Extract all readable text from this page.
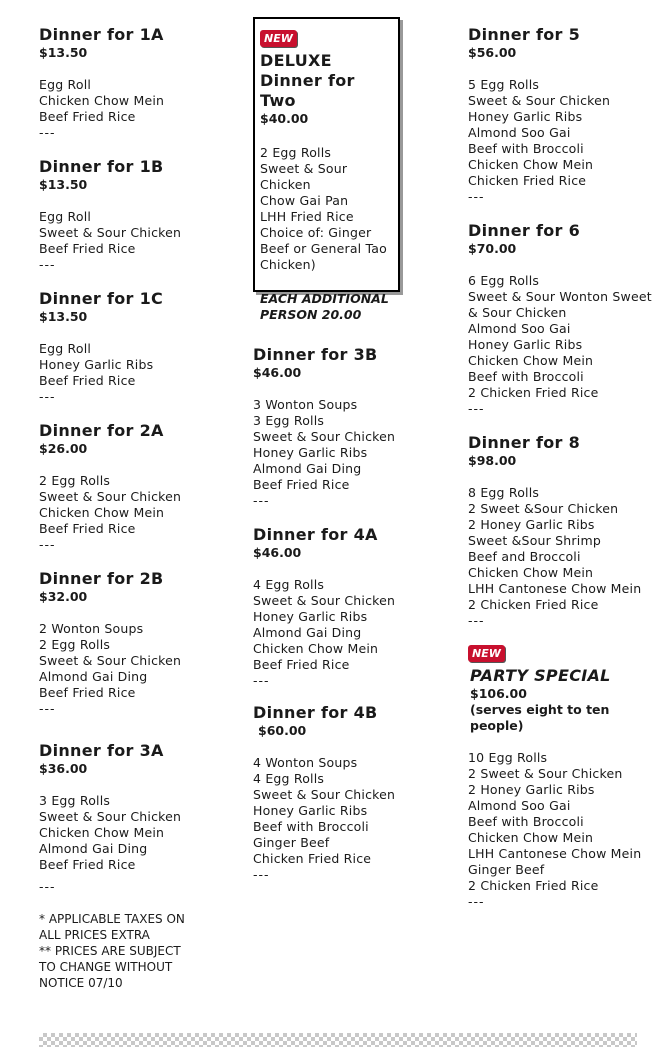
Dinner for 1A
$13.50
Egg Roll
Chicken Chow Mein
Beef Fried Rice
---
Dinner for 1B
$13.50
Egg Roll
Sweet & Sour Chicken
Beef Fried Rice
---
Dinner for 1C
$13.50
Egg Roll
Honey Garlic Ribs
Beef Fried Rice
---
Dinner for 2A
$26.00
2 Egg Rolls
Sweet & Sour Chicken
Chicken Chow Mein
Beef Fried Rice
---
Dinner for 2B
$32.00
2 Wonton Soups
2 Egg Rolls
Sweet & Sour Chicken
Almond Gai Ding
Beef Fried Rice
---
Dinner for 3A
$36.00
3 Egg Rolls
Sweet & Sour Chicken
Chicken Chow Mein
Almond Gai Ding
Beef Fried Rice
---
* APPLICABLE TAXES ON ALL PRICES EXTRA
** PRICES ARE SUBJECT TO CHANGE WITHOUT NOTICE 07/10
NEW
DELUXE Dinner for Two
$40.00
2 Egg Rolls
Sweet & Sour Chicken
Chow Gai Pan
LHH Fried Rice
Choice of: Ginger Beef or General Tao Chicken)
EACH ADDITIONAL PERSON 20.00
Dinner for 3B
$46.00
3 Wonton Soups
3 Egg Rolls
Sweet & Sour Chicken
Honey Garlic Ribs
Almond Gai Ding
Beef Fried Rice
---
Dinner for 4A
$46.00
4 Egg Rolls
Sweet & Sour Chicken
Honey Garlic Ribs
Almond Gai Ding
Chicken Chow Mein
Beef Fried Rice
---
Dinner for 4B
$60.00
4 Wonton Soups
4 Egg Rolls
Sweet & Sour Chicken
Honey Garlic Ribs
Beef with Broccoli
Ginger Beef
Chicken Fried Rice
---
Dinner for 5
$56.00
5 Egg Rolls
Sweet & Sour Chicken
Honey Garlic Ribs
Almond Soo Gai
Beef with Broccoli
Chicken Chow Mein
Chicken Fried Rice
---
Dinner for 6
$70.00
6 Egg Rolls
Sweet & Sour Wonton Sweet
& Sour Chicken
Almond Soo Gai
Honey Garlic Ribs
Chicken Chow Mein
Beef with Broccoli
2 Chicken Fried Rice
---
Dinner for 8
$98.00
8 Egg Rolls
2 Sweet &Sour Chicken
2 Honey Garlic Ribs
Sweet &Sour Shrimp
Beef and Broccoli
Chicken Chow Mein
LHH Cantonese Chow Mein
2 Chicken Fried Rice
---
NEW
PARTY SPECIAL
$106.00
(serves eight to ten people)
10 Egg Rolls
2 Sweet & Sour Chicken
2 Honey Garlic Ribs
Almond Soo Gai
Beef with Broccoli
Chicken Chow Mein
LHH Cantonese Chow Mein
Ginger Beef
2 Chicken Fried Rice
---
